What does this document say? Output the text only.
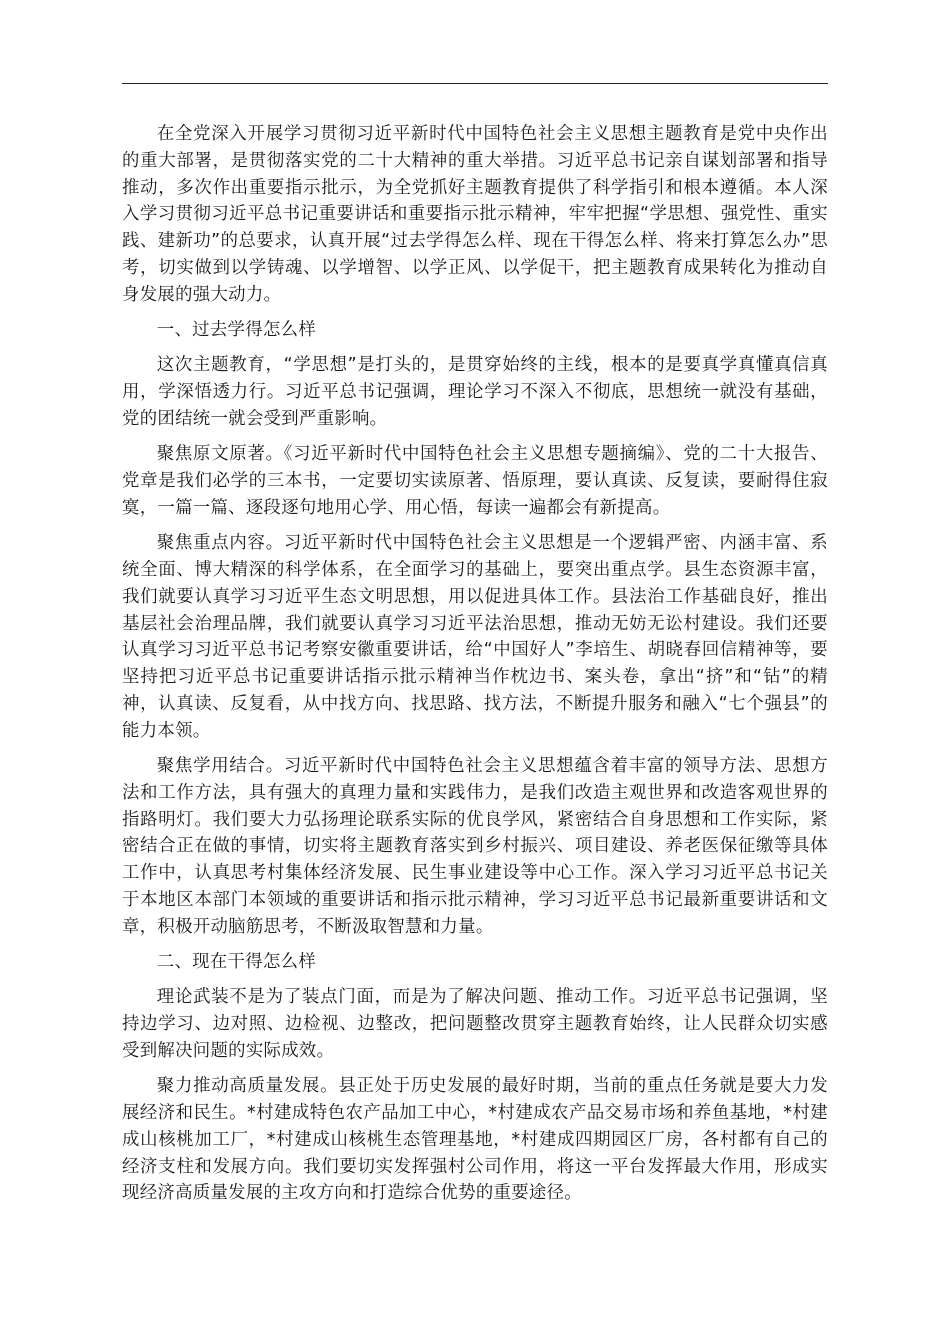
在全党深入开展学习贯彻习近平新时代中国特色社会主义思想主题教育是党中央作出的重大部署，是贯彻落实党的二十大精神的重大举措。习近平总书记亲自谋划部署和指导推动，多次作出重要指示批示，为全党抓好主题教育提供了科学指引和根本遵循。本人深入学习贯彻习近平总书记重要讲话和重要指示批示精神，牢牢把握“学思想、强党性、重实践、建新功”的总要求，认真开展“过去学得怎么样、现在干得怎么样、将来打算怎么办”思考，切实做到以学铸魂、以学增智、以学正风、以学促干，把主题教育成果转化为推动自身发展的强大动力。

一、过去学得怎么样

这次主题教育，“学思想”是打头的，是贯穿始终的主线，根本的是要真学真懂真信真用，学深悟透力行。习近平总书记强调，理论学习不深入不彻底，思想统一就没有基础，党的团结统一就会受到严重影响。

聚焦原文原著。《习近平新时代中国特色社会主义思想专题摘编》、党的二十大报告、党章是我们必学的三本书，一定要切实读原著、悟原理，要认真读、反复读，要耐得住寂寞，一篇一篇、逐段逐句地用心学、用心悟，每读一遍都会有新提高。

聚焦重点内容。习近平新时代中国特色社会主义思想是一个逻辑严密、内涵丰富、系统全面、博大精深的科学体系，在全面学习的基础上，要突出重点学。县生态资源丰富，我们就要认真学习习近平生态文明思想，用以促进具体工作。县法治工作基础良好，推出基层社会治理品牌，我们就要认真学习习近平法治思想，推动无妨无讼村建设。我们还要认真学习习近平总书记考察安徽重要讲话，给“中国好人”李培生、胡晓春回信精神等，要坚持把习近平总书记重要讲话指示批示精神当作枕边书、案头卷，拿出“挤”和“钻”的精神，认真读、反复看，从中找方向、找思路、找方法，不断提升服务和融入“七个强县”的能力本领。

聚焦学用结合。习近平新时代中国特色社会主义思想蕴含着丰富的领导方法、思想方法和工作方法，具有强大的真理力量和实践伟力，是我们改造主观世界和改造客观世界的指路明灯。我们要大力弘扬理论联系实际的优良学风，紧密结合自身思想和工作实际，紧密结合正在做的事情，切实将主题教育落实到乡村振兴、项目建设、养老医保征缴等具体工作中，认真思考村集体经济发展、民生事业建设等中心工作。深入学习习近平总书记关于本地区本部门本领域的重要讲话和指示批示精神，学习习近平总书记最新重要讲话和文章，积极开动脑筋思考，不断汲取智慧和力量。

二、现在干得怎么样

理论武装不是为了装点门面，而是为了解决问题、推动工作。习近平总书记强调，坚持边学习、边对照、边检视、边整改，把问题整改贯穿主题教育始终，让人民群众切实感受到解决问题的实际成效。

聚力推动高质量发展。县正处于历史发展的最好时期，当前的重点任务就是要大力发展经济和民生。*村建成特色农产品加工中心，*村建成农产品交易市场和养鱼基地，*村建成山核桃加工厂，*村建成山核桃生态管理基地，*村建成四期园区厂房，各村都有自己的经济支柱和发展方向。我们要切实发挥强村公司作用，将这一平台发挥最大作用，形成实现经济高质量发展的主攻方向和打造综合优势的重要途径。
